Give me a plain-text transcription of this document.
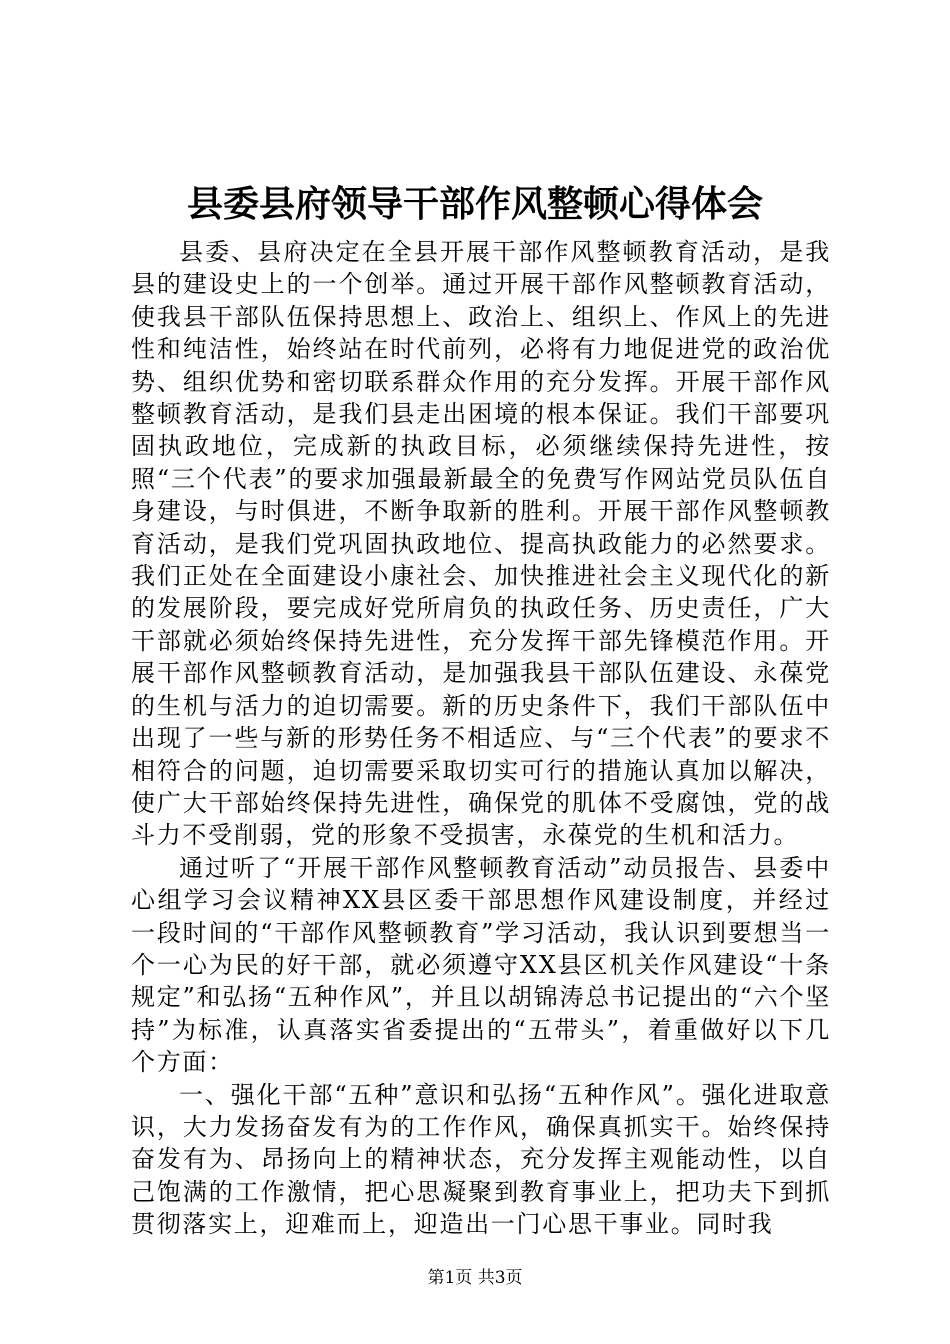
县委县府领导干部作风整顿心得体会

县委、县府决定在全县开展干部作风整顿教育活动，是我县的建设史上的一个创举。通过开展干部作风整顿教育活动，使我县干部队伍保持思想上、政治上、组织上、作风上的先进性和纯洁性，始终站在时代前列，必将有力地促进党的政治优势、组织优势和密切联系群众作用的充分发挥。开展干部作风整顿教育活动，是我们县走出困境的根本保证。我们干部要巩固执政地位，完成新的执政目标，必须继续保持先进性，按照“三个代表”的要求加强最新最全的免费写作网站党员队伍自身建设，与时俱进，不断争取新的胜利。开展干部作风整顿教育活动，是我们党巩固执政地位、提高执政能力的必然要求。我们正处在全面建设小康社会、加快推进社会主义现代化的新的发展阶段，要完成好党所肩负的执政任务、历史责任，广大干部就必须始终保持先进性，充分发挥干部先锋模范作用。开展干部作风整顿教育活动，是加强我县干部队伍建设、永葆党的生机与活力的迫切需要。新的历史条件下，我们干部队伍中出现了一些与新的形势任务不相适应、与“三个代表”的要求不相符合的问题，迫切需要采取切实可行的措施认真加以解决，使广大干部始终保持先进性，确保党的肌体不受腐蚀，党的战斗力不受削弱，党的形象不受损害，永葆党的生机和活力。

通过听了“开展干部作风整顿教育活动”动员报告、县委中心组学习会议精神XX县区委干部思想作风建设制度，并经过一段时间的“干部作风整顿教育”学习活动，我认识到要想当一个一心为民的好干部，就必须遵守XX县区机关作风建设“十条规定”和弘扬“五种作风”，并且以胡锦涛总书记提出的“六个坚持”为标准，认真落实省委提出的“五带头”，着重做好以下几个方面：

一、强化干部“五种”意识和弘扬“五种作风”。强化进取意识，大力发扬奋发有为的工作作风，确保真抓实干。始终保持奋发有为、昂扬向上的精神状态，充分发挥主观能动性，以自己饱满的工作激情，把心思凝聚到教育事业上，把功夫下到抓贯彻落实上，迎难而上，迎造出一门心思干事业。同时我

第1页 共3页
